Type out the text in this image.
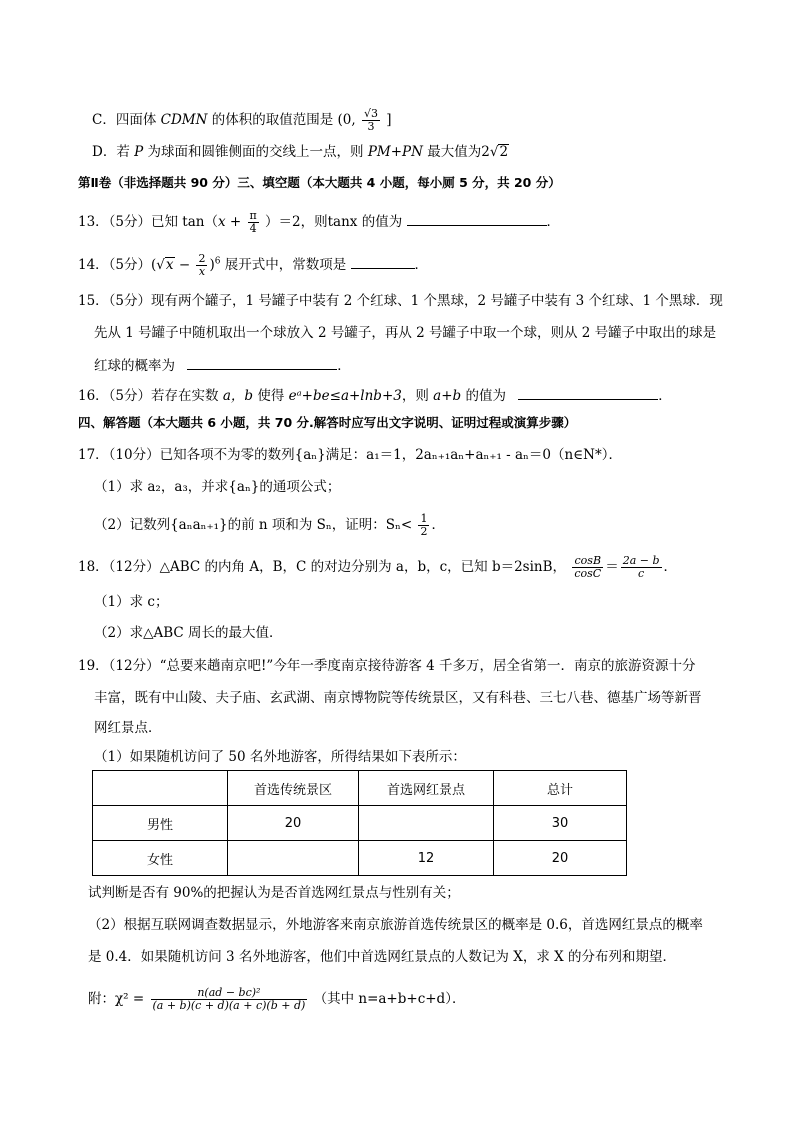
C．四面体 CDMN 的体积的取值范围是 (0, $\frac{√3}{3}$ ]
D．若 P 为球面和圆锥侧面的交线上一点，则 PM+PN 最大值为2√2
第Ⅱ卷（非选择题共 90 分）三、填空题（本大题共 4 小题，每小厕 5 分，共 20 分）
13．（5分）已知 $\tan(x + \frac{\pi}{4} )=2$，则tanx 的值为	．
14．（5分）$(√x - \frac{2}{x} )^6$ 展开式中，常数项是	．
15．（5分）现有两个罐子，1 号罐子中装有 2 个红球、1 个黑球，2 号罐子中装有 3 个红球、1 个黑球．现
先从 1 号罐子中随机取出一个球放入 2 号罐子，再从 2 号罐子中取一个球，则从 2 号罐子中取出的球是
红球的概率为	．
16．（5分）若存在实数 a，b 使得 eᵃ+be≤a+lnb+3，则 a+b 的值为	．
四、解答题（本大题共 6 小题，共 70 分.解答时应写出文字说明、证明过程或演算步骤）
17．（10分）已知各项不为零的数列{aₙ}满足：a₁＝1，2aₙ₊₁aₙ+aₙ₊₁ - aₙ＝0（n∈N*）．
（1）求 a₂，a₃，并求{aₙ}的通项公式；
（2）记数列{aₙaₙ₊₁}的前 n 项和为 Sₙ，证明：$S_n< \frac{1}{2}$ ．
18．（12分）△ABC 的内角 A，B，C 的对边分别为 a，b，c，已知 b＝2sinB， $\frac{\cos B}{\cos C} = \frac{2a - b}{c}$ ．
（1）求 c；
（2）求△ABC 周长的最大值．
19．（12分）“总要来趟南京吧!”今年一季度南京接待游客 4 千多万，居全省第一．南京的旅游资源十分
丰富，既有中山陵、夫子庙、玄武湖、南京博物院等传统景区，又有科巷、三七八巷、德基广场等新晋
网红景点．
（1）如果随机访问了 50 名外地游客，所得结果如下表所示：
	首选传统景区	首选网红景点	总计
男性	20		30
女性		12	20
试判断是否有 90%的把握认为是否首选网红景点与性别有关；
（2）根据互联网调查数据显示，外地游客来南京旅游首选传统景区的概率是 0.6，首选网红景点的概率
是 0.4．如果随机访问 3 名外地游客，他们中首选网红景点的人数记为 X，求 X 的分布列和期望．
附：$\chi^2 = \frac{\text{n(ad − bc)²}}{(a + b)(c + d)(a + c)(b + d)}$ （其中 n=a+b+c+d）．
